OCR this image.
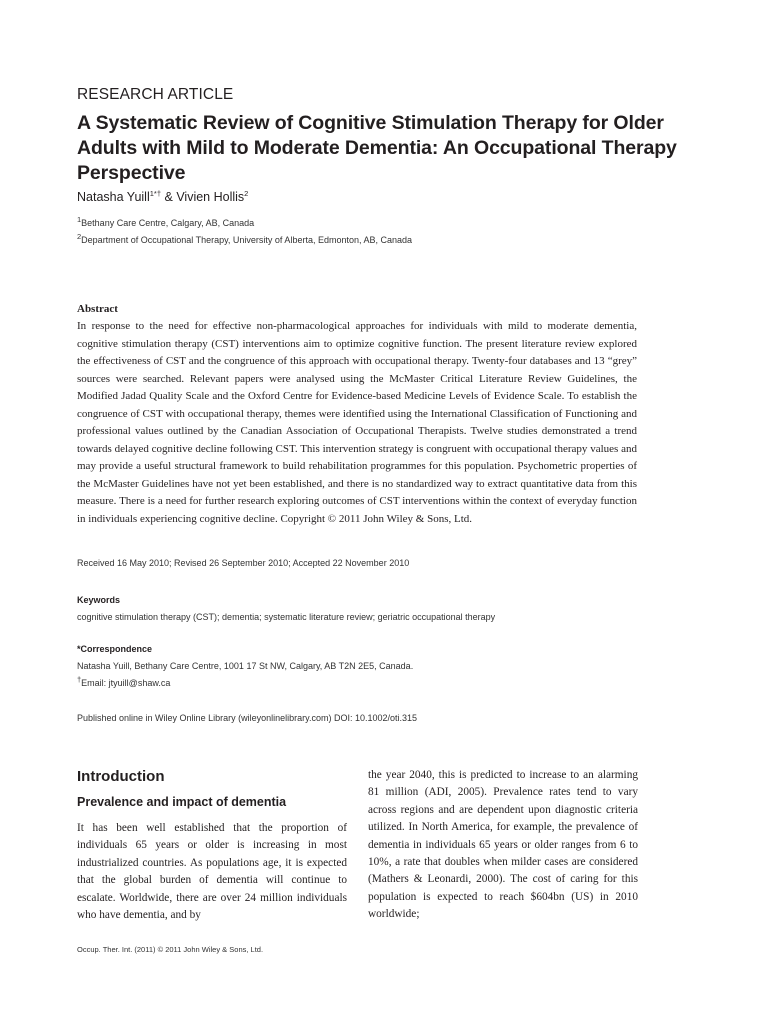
RESEARCH ARTICLE
A Systematic Review of Cognitive Stimulation Therapy for Older Adults with Mild to Moderate Dementia: An Occupational Therapy Perspective
Natasha Yuill$^{1*\dagger}$ & Vivien Hollis$^2$
$^1$Bethany Care Centre, Calgary, AB, Canada
$^2$Department of Occupational Therapy, University of Alberta, Edmonton, AB, Canada
Abstract

In response to the need for effective non-pharmacological approaches for individuals with mild to moderate dementia, cognitive stimulation therapy (CST) interventions aim to optimize cognitive function. The present literature review explored the effectiveness of CST and the congruence of this approach with occupational therapy. Twenty-four databases and 13 “grey” sources were searched. Relevant papers were analysed using the McMaster Critical Literature Review Guidelines, the Modified Jadad Quality Scale and the Oxford Centre for Evidence-based Medicine Levels of Evidence Scale. To establish the congruence of CST with occupational therapy, themes were identified using the International Classification of Functioning and professional values outlined by the Canadian Association of Occupational Therapists. Twelve studies demonstrated a trend towards delayed cognitive decline following CST. This intervention strategy is congruent with occupational therapy values and may provide a useful structural framework to build rehabilitation programmes for this population. Psychometric properties of the McMaster Guidelines have not yet been established, and there is no standardized way to extract quantitative data from this measure. There is a need for further research exploring outcomes of CST interventions within the context of everyday function in individuals experiencing cognitive decline. Copyright © 2011 John Wiley & Sons, Ltd.

Received 16 May 2010; Revised 26 September 2010; Accepted 22 November 2010
Keywords
cognitive stimulation therapy (CST); dementia; systematic literature review; geriatric occupational therapy
*Correspondence
Natasha Yuill, Bethany Care Centre, 1001 17 St NW, Calgary, AB T2N 2E5, Canada.
†Email: jtyuill@shaw.ca
Published online in Wiley Online Library (wileyonlinelibrary.com) DOI: 10.1002/oti.315
Introduction
Prevalence and impact of dementia

It has been well established that the proportion of individuals 65 years or older is increasing in most industrialized countries. As populations age, it is expected that the global burden of dementia will continue to escalate. Worldwide, there are over 24 million individuals who have dementia, and by

the year 2040, this is predicted to increase to an alarming 81 million (ADI, 2005). Prevalence rates tend to vary across regions and are dependent upon diagnostic criteria utilized. In North America, for example, the prevalence of dementia in individuals 65 years or older ranges from 6 to 10%, a rate that doubles when milder cases are considered (Mathers & Leonardi, 2000). The cost of caring for this population is expected to reach $604bn (US) in 2010 worldwide;

Occup. Ther. Int. (2011) © 2011 John Wiley & Sons, Ltd.
